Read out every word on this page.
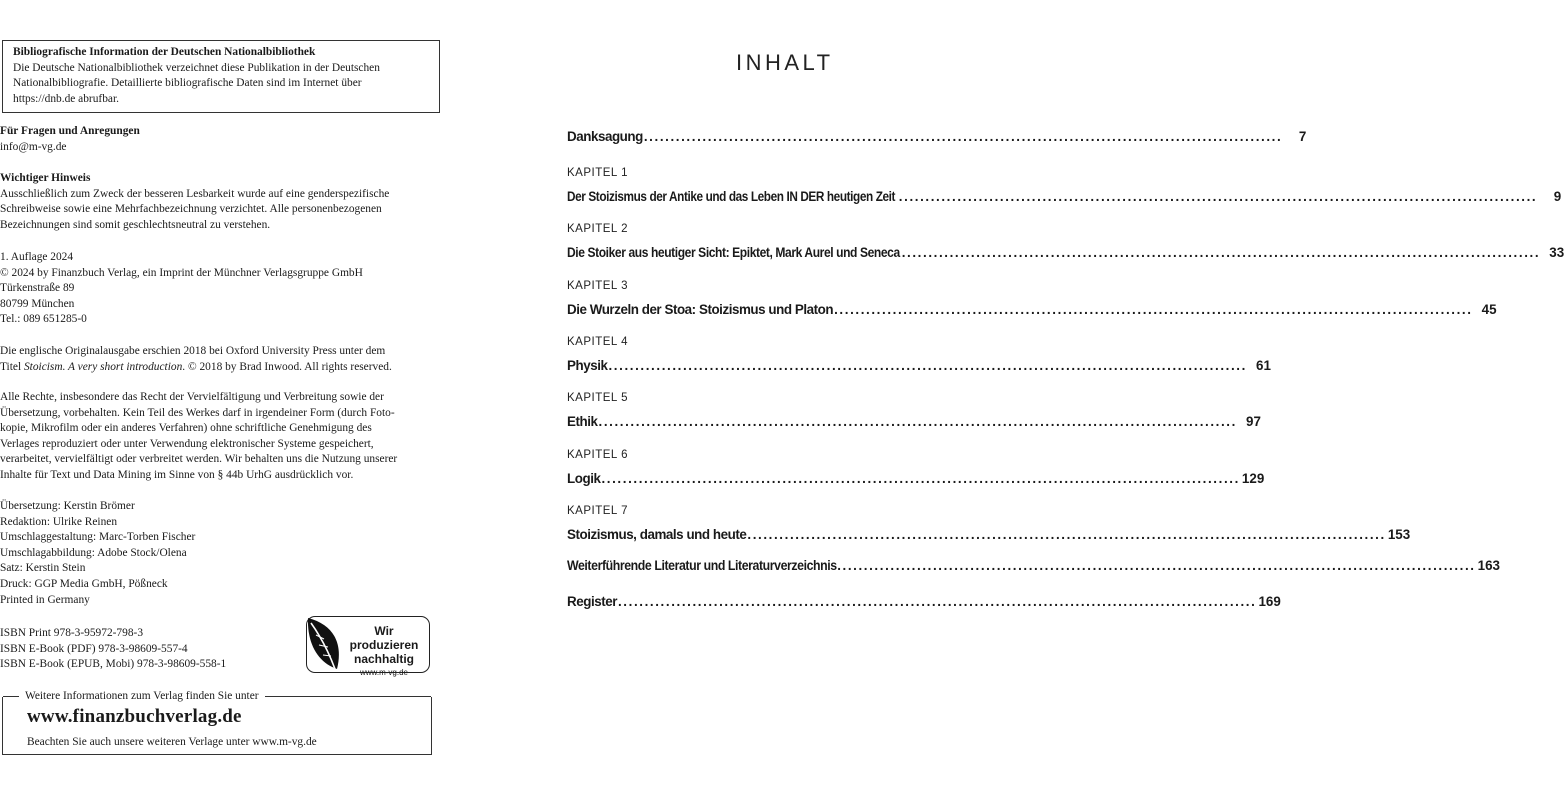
Bibliografische Information der Deutschen Nationalbibliothek
Die Deutsche Nationalbibliothek verzeichnet diese Publikation in der Deutschen
Nationalbibliografie. Detaillierte bibliografische Daten sind im Internet über
https://dnb.de abrufbar.
Für Fragen und Anregungen
info@m-vg.de
Wichtiger Hinweis
Ausschließlich zum Zweck der besseren Lesbarkeit wurde auf eine genderspezifische
Schreibweise sowie eine Mehrfachbezeichnung verzichtet. Alle personenbezogenen
Bezeichnungen sind somit geschlechtsneutral zu verstehen.
1. Auflage 2024
© 2024 by Finanzbuch Verlag, ein Imprint der Münchner Verlagsgruppe GmbH
Türkenstraße 89
80799 München
Tel.: 089 651285-0
Die englische Originalausgabe erschien 2018 bei Oxford University Press unter dem
Titel Stoicism. A very short introduction. © 2018 by Brad Inwood. All rights reserved.
Alle Rechte, insbesondere das Recht der Vervielfältigung und Verbreitung sowie der
Übersetzung, vorbehalten. Kein Teil des Werkes darf in irgendeiner Form (durch Foto-
kopie, Mikrofilm oder ein anderes Verfahren) ohne schriftliche Genehmigung des
Verlages reproduziert oder unter Verwendung elektronischer Systeme gespeichert,
verarbeitet, vervielfältigt oder verbreitet werden. Wir behalten uns die Nutzung unserer
Inhalte für Text und Data Mining im Sinne von § 44b UrhG ausdrücklich vor.
Übersetzung: Kerstin Brömer
Redaktion: Ulrike Reinen
Umschlaggestaltung: Marc-Torben Fischer
Umschlagabbildung: Adobe Stock/Olena
Satz: Kerstin Stein
Druck: GGP Media GmbH, Pößneck
Printed in Germany
ISBN Print 978-3-95972-798-3
ISBN E-Book (PDF) 978-3-98609-557-4
ISBN E-Book (EPUB, Mobi) 978-3-98609-558-1
Wir produzieren
nachhaltig
www.m-vg.de
Weitere Informationen zum Verlag finden Sie unter
www.finanzbuchverlag.de
Beachten Sie auch unsere weiteren Verlage unter www.m-vg.de
INHALT
Danksagung ........................................................................................................................	7
KAPITEL 1
Der Stoizismus der Antike und das Leben IN DER heutigen Zeit ........................................................................................................................	9
KAPITEL 2
Die Stoiker aus heutiger Sicht: Epiktet, Mark Aurel und Seneca ........................................................................................................................ 33
KAPITEL 3
Die Wurzeln der Stoa: Stoizismus und Platon ........................................................................................................................ 45
KAPITEL 4
Physik ........................................................................................................................ 61
KAPITEL 5
Ethik ........................................................................................................................ 97
KAPITEL 6
Logik ........................................................................................................................ 129
KAPITEL 7
Stoizismus, damals und heute ........................................................................................................................ 153
Weiterführende Literatur und Literaturverzeichnis ........................................................................................................................ 163
Register ........................................................................................................................ 169
